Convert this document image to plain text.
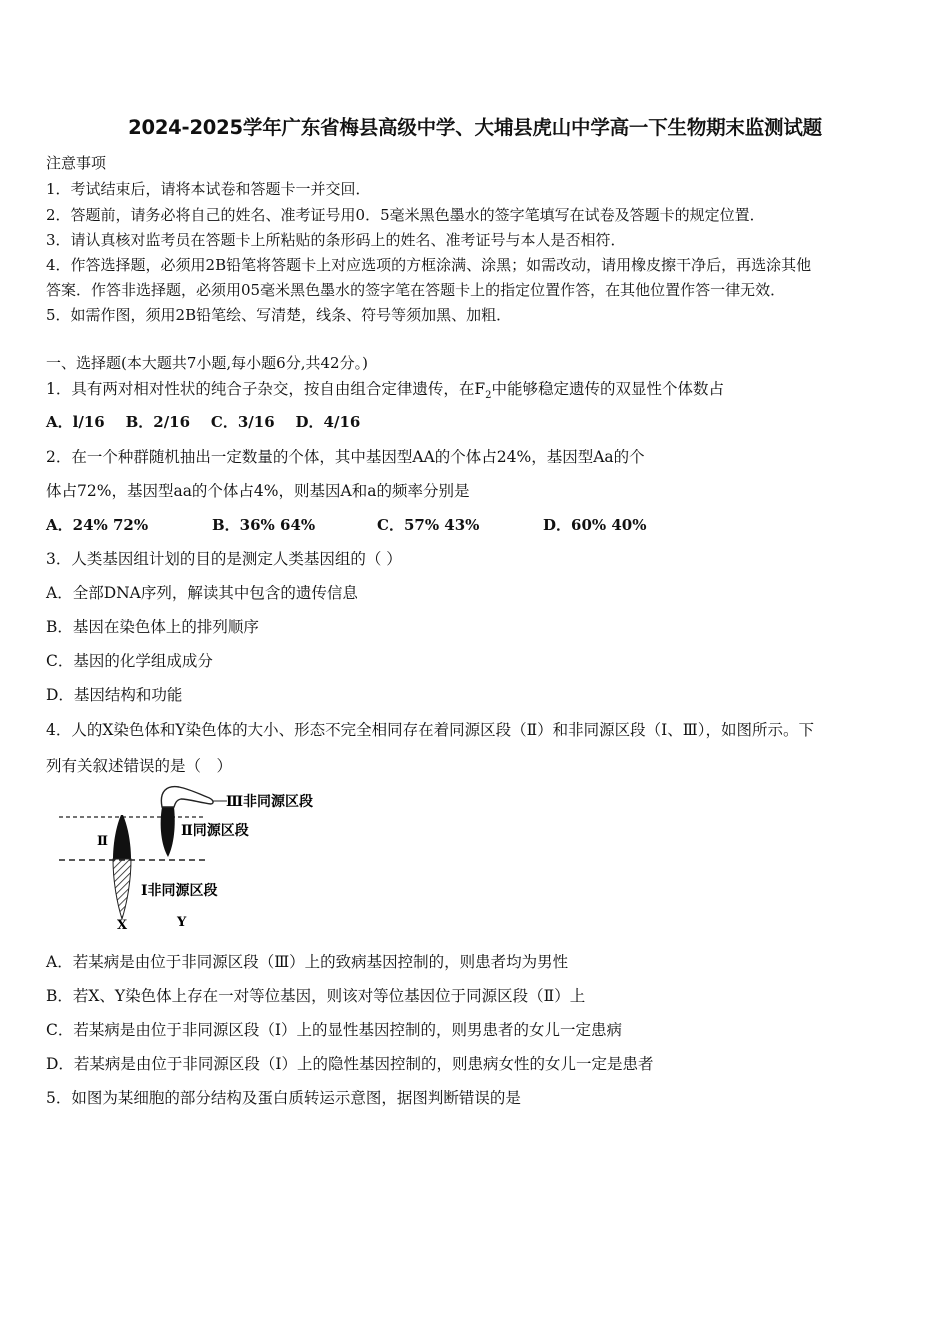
2024-2025学年广东省梅县高级中学、大埔县虎山中学高一下生物期末监测试题
注意事项
1．考试结束后，请将本试卷和答题卡一并交回．
2．答题前，请务必将自己的姓名、准考证号用0．5毫米黑色墨水的签字笔填写在试卷及答题卡的规定位置．
3．请认真核对监考员在答题卡上所粘贴的条形码上的姓名、准考证号与本人是否相符．
4．作答选择题，必须用2B铅笔将答题卡上对应选项的方框涂满、涂黑；如需改动，请用橡皮擦干净后，再选涂其他
答案．作答非选择题，必须用05毫米黑色墨水的签字笔在答题卡上的指定位置作答，在其他位置作答一律无效．
5．如需作图，须用2B铅笔绘、写清楚，线条、符号等须加黑、加粗．
一、选择题(本大题共7小题,每小题6分,共42分。)
1．具有两对相对性状的纯合子杂交，按自由组合定律遗传，在$F_2$中能够稳定遗传的双显性个体数占
A．l/16    B．2/16    C．3/16    D．4/16
2．在一个种群随机抽出一定数量的个体，其中基因型AA的个体占24%，基因型Aa的个
体占72%，基因型aa的个体占4%，则基因A和a的频率分别是
A．24% 72%	B．36% 64%	C．57% 43%	D．60% 40%
3．人类基因组计划的目的是测定人类基因组的（ ）
A．全部DNA序列，解读其中包含的遗传信息
B．基因在染色体上的排列顺序
C．基因的化学组成成分
D．基因结构和功能
4．人的X染色体和Y染色体的大小、形态不完全相同存在着同源区段（Ⅱ）和非同源区段（Ⅰ、Ⅲ），如图所示。下
列有关叙述错误的是（　）
Ⅲ非同源区段
Ⅱ同源区段
Ⅰ非同源区段
Ⅱ
X	Y
A．若某病是由位于非同源区段（Ⅲ）上的致病基因控制的，则患者均为男性
B．若X、Y染色体上存在一对等位基因，则该对等位基因位于同源区段（Ⅱ）上
C．若某病是由位于非同源区段（I）上的显性基因控制的，则男患者的女儿一定患病
D．若某病是由位于非同源区段（I）上的隐性基因控制的，则患病女性的女儿一定是患者
5．如图为某细胞的部分结构及蛋白质转运示意图，据图判断错误的是
